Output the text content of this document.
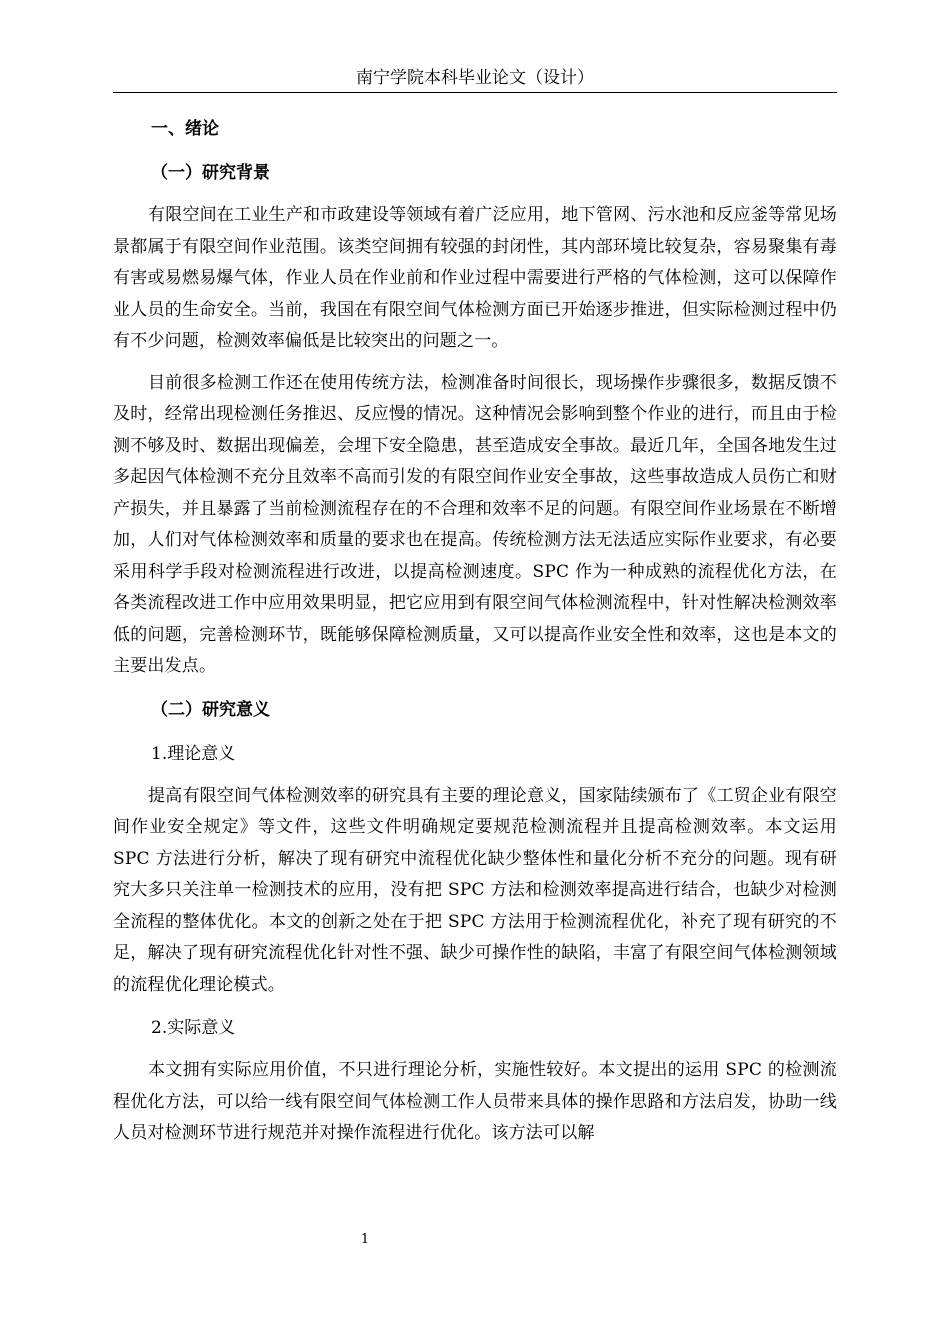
南宁学院本科毕业论文（设计）
一、绪论
（一）研究背景

有限空间在工业生产和市政建设等领域有着广泛应用，地下管网、污水池和反应釜等常见场景都属于有限空间作业范围。该类空间拥有较强的封闭性，其内部环境比较复杂，容易聚集有毒有害或易燃易爆气体，作业人员在作业前和作业过程中需要进行严格的气体检测，这可以保障作业人员的生命安全。当前，我国在有限空间气体检测方面已开始逐步推进，但实际检测过程中仍有不少问题，检测效率偏低是比较突出的问题之一。

目前很多检测工作还在使用传统方法，检测准备时间很长，现场操作步骤很多，数据反馈不及时，经常出现检测任务推迟、反应慢的情况。这种情况会影响到整个作业的进行，而且由于检测不够及时、数据出现偏差，会埋下安全隐患，甚至造成安全事故。最近几年，全国各地发生过多起因气体检测不充分且效率不高而引发的有限空间作业安全事故，这些事故造成人员伤亡和财产损失，并且暴露了当前检测流程存在的不合理和效率不足的问题。有限空间作业场景在不断增加，人们对气体检测效率和质量的要求也在提高。传统检测方法无法适应实际作业要求，有必要采用科学手段对检测流程进行改进，以提高检测速度。SPC 作为一种成熟的流程优化方法，在各类流程改进工作中应用效果明显，把它应用到有限空间气体检测流程中，针对性解决检测效率低的问题，完善检测环节，既能够保障检测质量，又可以提高作业安全性和效率，这也是本文的主要出发点。

（二）研究意义
1.理论意义

提高有限空间气体检测效率的研究具有主要的理论意义，国家陆续颁布了《工贸企业有限空间作业安全规定》等文件，这些文件明确规定要规范检测流程并且提高检测效率。本文运用 SPC 方法进行分析，解决了现有研究中流程优化缺少整体性和量化分析不充分的问题。现有研究大多只关注单一检测技术的应用，没有把 SPC 方法和检测效率提高进行结合，也缺少对检测全流程的整体优化。本文的创新之处在于把 SPC 方法用于检测流程优化，补充了现有研究的不足，解决了现有研究流程优化针对性不强、缺少可操作性的缺陷，丰富了有限空间气体检测领域的流程优化理论模式。

2.实际意义

本文拥有实际应用价值，不只进行理论分析，实施性较好。本文提出的运用 SPC 的检测流程优化方法，可以给一线有限空间气体检测工作人员带来具体的操作思路和方法启发，协助一线人员对检测环节进行规范并对操作流程进行优化。该方法可以解

1
